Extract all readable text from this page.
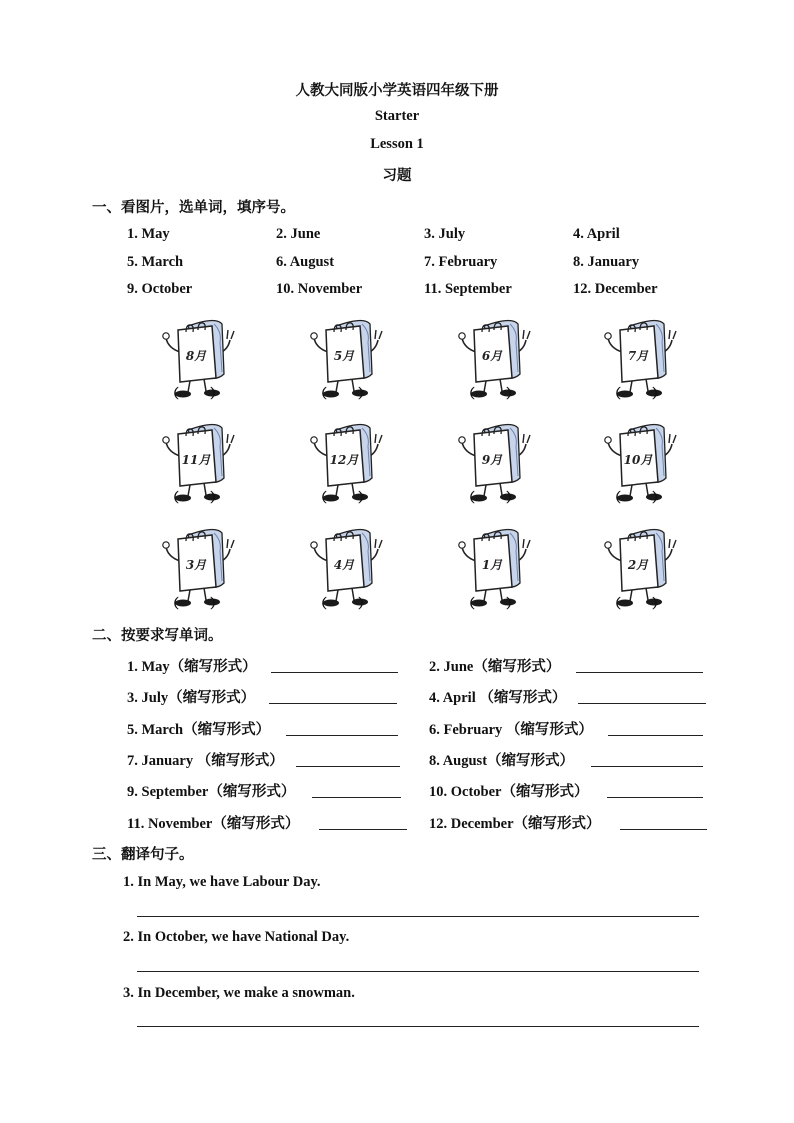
人教大同版小学英语四年级下册
Starter
Lesson 1
习题
一、看图片，选单词，填序号。
1. May	2. June	3. July	4. April
5. March	6. August	7. February	8. January
9. October	10. November	11. September	12. December
8月
（ ）
5月
（ ）
6月
（ ）
7月
（ ）
11月
（ ）
12月
（ ）
9月
（ ）
10月
（ ）
3月
（ ）
4月
（ ）
1月
（ ）
2月
（ ）
二、按要求写单词。
1. May（缩写形式）	2. June（缩写形式）
3. July（缩写形式）	4. April （缩写形式）
5. March（缩写形式）	6. February （缩写形式）
7. January （缩写形式）	8. August（缩写形式）
9. September（缩写形式）	10. October（缩写形式）
11. November（缩写形式）	12. December（缩写形式）
三、翻译句子。
1. In May, we have Labour Day.
2. In October, we have National Day.
3. In December, we make a snowman.
